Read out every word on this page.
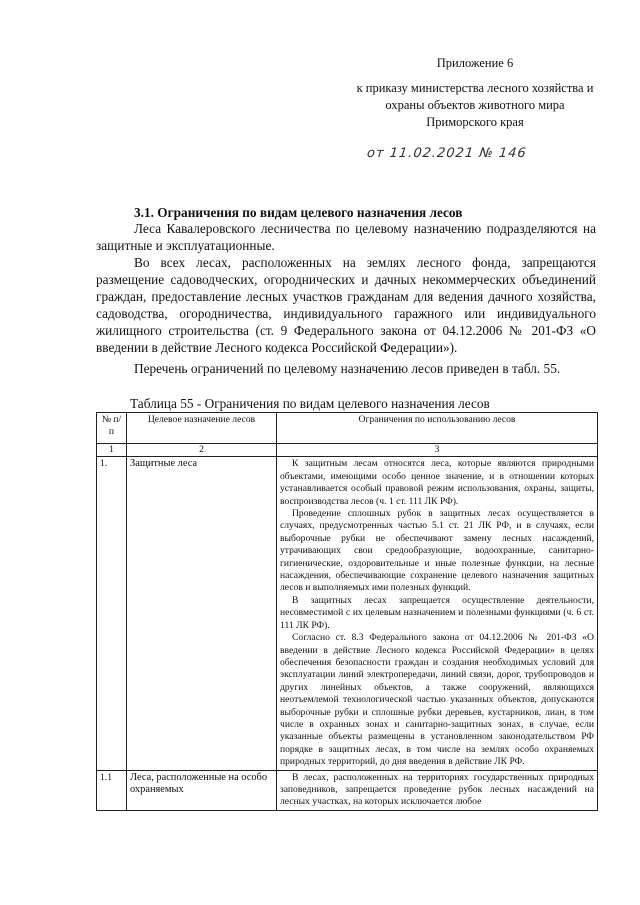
Приложение 6
к приказу министерства лесного хозяйства и
охраны объектов животного мира
Приморского края
от 11.02.2021 № 146
3.1. Ограничения по видам целевого назначения лесов
Леса Кавалеровского лесничества по целевому назначению подразделяются на защитные и эксплуатационные.
Во всех лесах, расположенных на землях лесного фонда, запрещаются размещение садоводческих, огороднических и дачных некоммерческих объединений граждан, предоставление лесных участков гражданам для ведения дачного хозяйства, садоводства, огородничества, индивидуального гаражного или индивидуального жилищного строительства (ст. 9 Федерального закона от 04.12.2006 № 201-ФЗ «О введении в действие Лесного кодекса Российской Федерации»).
Перечень ограничений по целевому назначению лесов приведен в табл. 55.
Таблица 55 - Ограничения по видам целевого назначения лесов
№ п/п	Целевое назначение лесов	Ограничения по использованию лесов
1	2	3
1.	Защитные леса	К защитным лесам относятся леса, которые являются природными объектами, имеющими особо ценное значение, и в отношении которых устанавливается особый правовой режим использования, охраны, защиты, воспроизводства лесов (ч. 1 ст. 111 ЛК РФ).

Проведение сплошных рубок в защитных лесах осуществляется в случаях, предусмотренных частью 5.1 ст. 21 ЛК РФ, и в случаях, если выборочные рубки не обеспечивают замену лесных насаждений, утрачивающих свои средообразующие, водоохранные, санитарно-гигиенические, оздоровительные и иные полезные функции, на лесные насаждения, обеспечивающие сохранение целевого назначения защитных лесов и выполняемых ими полезных функций.

В защитных лесах запрещается осуществление деятельности, несовместимой с их целевым назначением и полезными функциями (ч. 6 ст. 111 ЛК РФ).

Согласно ст. 8.3 Федерального закона от 04.12.2006 № 201-ФЗ «О введении в действие Лесного кодекса Российской Федерации» в целях обеспечения безопасности граждан и создания необходимых условий для эксплуатации линий электропередачи, линий связи, дорог, трубопроводов и других линейных объектов, а также сооружений, являющихся неотъемлемой технологической частью указанных объектов, допускаются выборочные рубки и сплошные рубки деревьев, кустарников, лиан, в том числе в охранных зонах и санитарно-защитных зонах, в случае, если указанные объекты размещены в установленном законодательством РФ порядке в защитных лесах, в том числе на землях особо охраняемых природных территорий, до дня введения в действие ЛК РФ.

1.1	Леса, расположенные на особо охраняемых	В лесах, расположенных на территориях государственных природных заповедников, запрещается проведение рубок лесных насаждений на лесных участках, на которых исключается любое
